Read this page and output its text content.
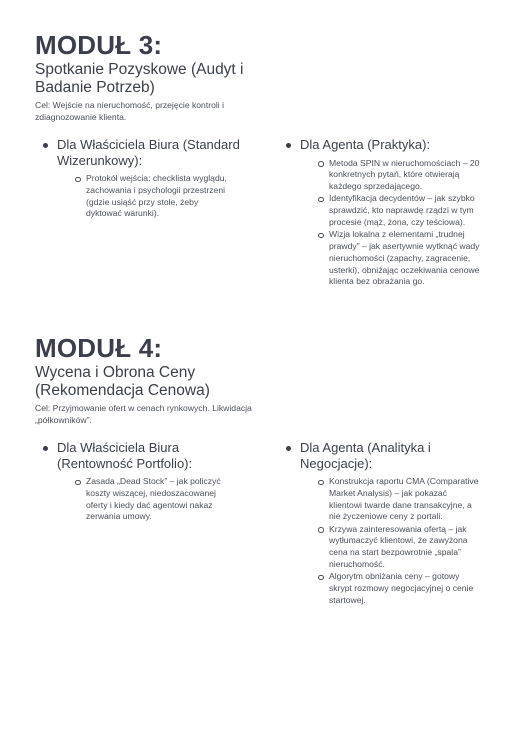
MODUŁ 3:
Spotkanie Pozyskowe (Audyt i Badanie Potrzeb)

Cel: Wejście na nieruchomość, przejęcie kontroli i zdiagnozowanie klienta.

Dla Właściciela Biura (Standard Wizerunkowy):
Protokół wejścia: checklista wyglądu, zachowania i psychologii przestrzeni (gdzie usiąść przy stole, żeby dyktować warunki).
Dla Agenta (Praktyka):
Metoda SPIN w nieruchomościach – 20 konkretnych pytań, które otwierają każdego sprzedającego.
Identyfikacja decydentów – jak szybko sprawdzić, kto naprawdę rządzi w tym procesie (mąż, żona, czy teściowa).
Wizja lokalna z elementami „trudnej prawdy” – jak asertywnie wytknąć wady nieruchomości (zapachy, zagracenie, usterki), obniżając oczekiwania cenowe klienta bez obrażania go.
MODUŁ 4:
Wycena i Obrona Ceny (Rekomendacja Cenowa)

Cel: Przyjmowanie ofert w cenach rynkowych. Likwidacja „półkowników”.

Dla Właściciela Biura (Rentowność Portfolio):
Zasada „Dead Stock” – jak policzyć koszty wiszącej, niedoszacowanej oferty i kiedy dać agentowi nakaz zerwania umowy.
Dla Agenta (Analityka i Negocjacje):
Konstrukcja raportu CMA (Comparative Market Analysis) – jak pokazać klientowi twarde dane transakcyjne, a nie życzeniowe ceny z portali.
Krzywa zainteresowania ofertą – jak wytłumaczyć klientowi, że zawyżona cena na start bezpowrotnie „spala” nieruchomość.
Algorytm obniżania ceny – gotowy skrypt rozmowy negocjacyjnej o cenie startowej.
